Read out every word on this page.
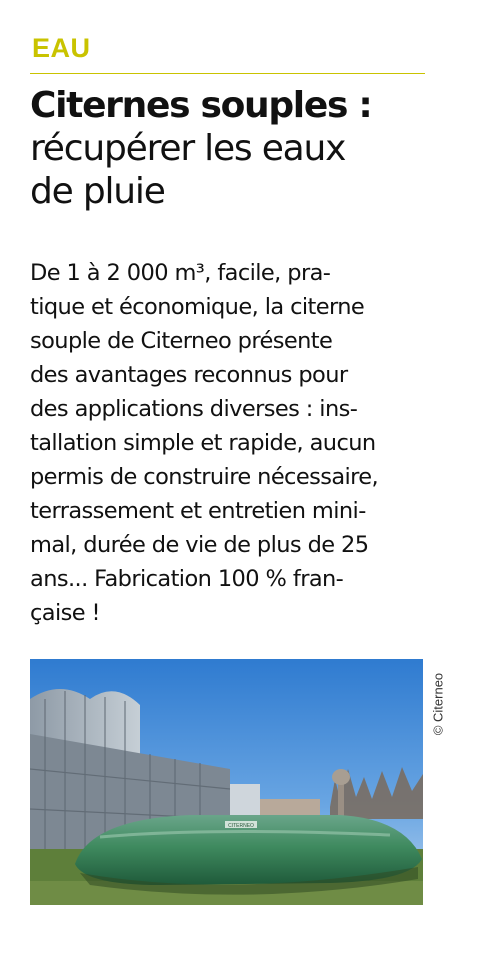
EAU
Citernes souples :
récupérer les eaux
de pluie
De 1 à 2 000 m³, facile, pra-
tique et économique, la citerne
souple de Citerneo présente
des avantages reconnus pour
des applications diverses : ins-
tallation simple et rapide, aucun
permis de construire nécessaire,
terrassement et entretien mini-
mal, durée de vie de plus de 25
ans... Fabrication 100 % fran-
çaise !
CITERNEO
© Citerneo
